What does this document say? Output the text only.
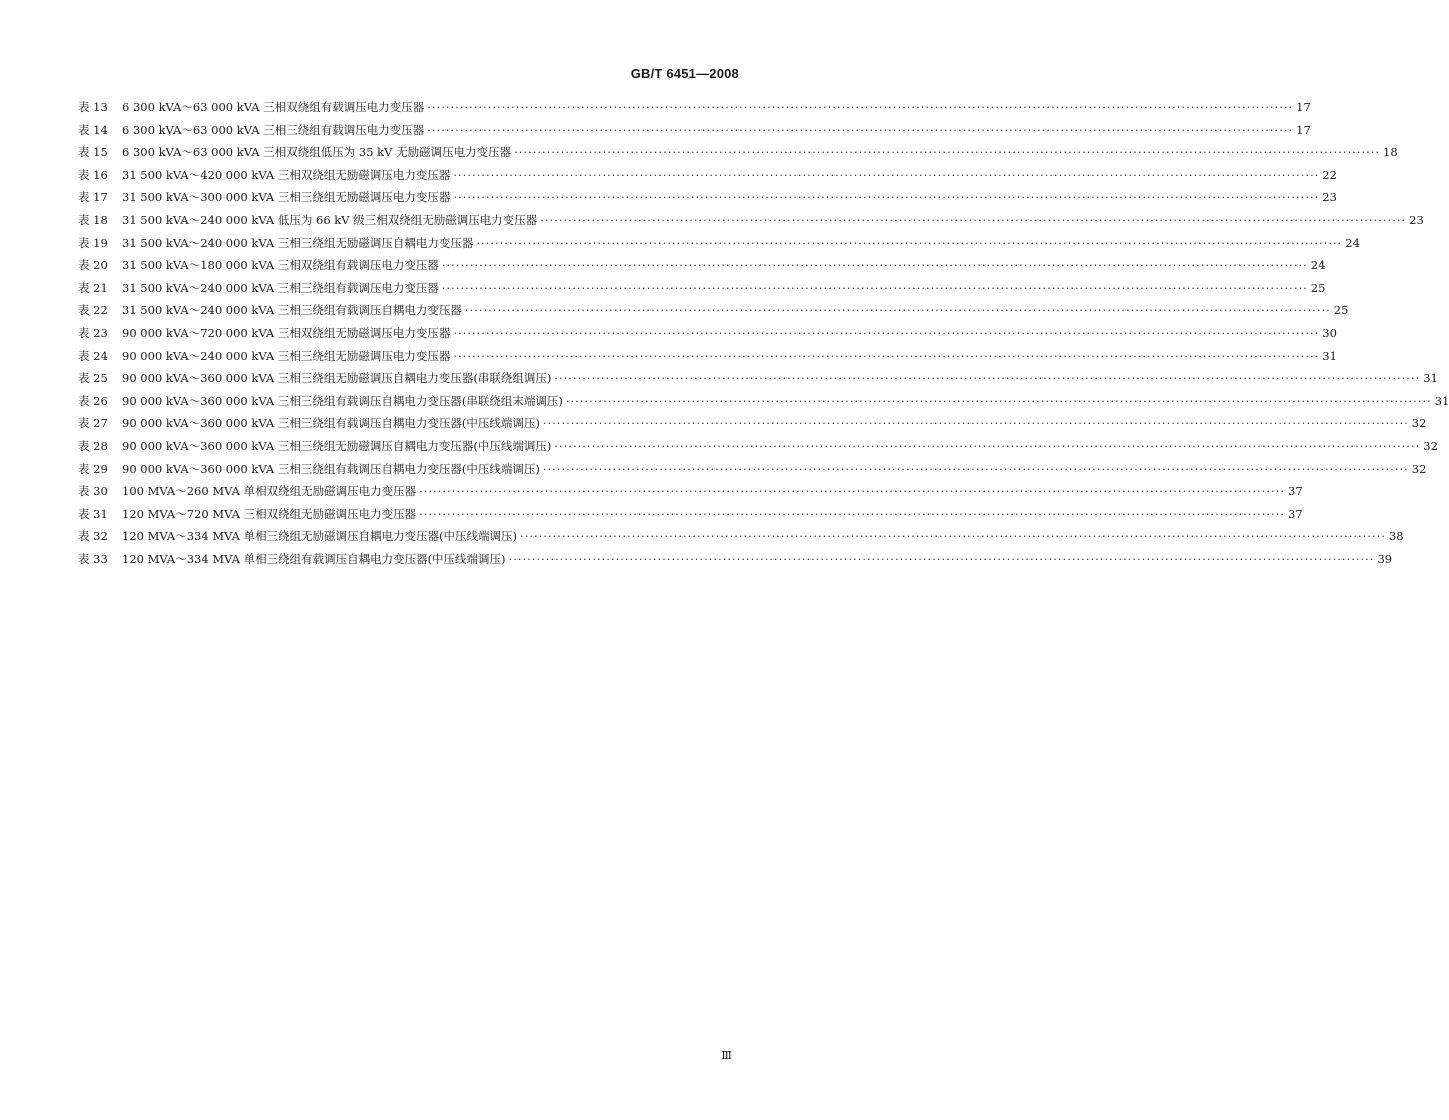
GB/T 6451—2008
表 13	6 300 kVA～63 000 kVA 三相双绕组有载调压电力变压器 ·····	17
表 14	6 300 kVA～63 000 kVA 三相三绕组有载调压电力变压器 ·····	17
表 15	6 300 kVA～63 000 kVA 三相双绕组低压为 35 kV 无励磁调压电力变压器 ·····	18
表 16	31 500 kVA～420 000 kVA 三相双绕组无励磁调压电力变压器 ·····	22
表 17	31 500 kVA～300 000 kVA 三相三绕组无励磁调压电力变压器 ·····	23
表 18	31 500 kVA～240 000 kVA 低压为 66 kV 级三相双绕组无励磁调压电力变压器 ·····	23
表 19	31 500 kVA～240 000 kVA 三相三绕组无励磁调压自耦电力变压器 ·····	24
表 20	31 500 kVA～180 000 kVA 三相双绕组有载调压电力变压器 ·····	24
表 21	31 500 kVA～240 000 kVA 三相三绕组有载调压电力变压器 ·····	25
表 22	31 500 kVA～240 000 kVA 三相三绕组有载调压自耦电力变压器 ·····	25
表 23	90 000 kVA～720 000 kVA 三相双绕组无励磁调压电力变压器 ·····	30
表 24	90 000 kVA～240 000 kVA 三相三绕组无励磁调压电力变压器 ·····	31
表 25	90 000 kVA～360 000 kVA 三相三绕组无励磁调压自耦电力变压器(串联绕组调压) ·····	31
表 26	90 000 kVA～360 000 kVA 三相三绕组有载调压自耦电力变压器(串联绕组末端调压) ·····	31
表 27	90 000 kVA～360 000 kVA 三相三绕组有载调压自耦电力变压器(中压线端调压) ·····	32
表 28	90 000 kVA～360 000 kVA 三相三绕组无励磁调压自耦电力变压器(中压线端调压) ·····	32
表 29	90 000 kVA～360 000 kVA 三相三绕组有载调压自耦电力变压器(中压线端调压) ·····	32
表 30	100 MVA～260 MVA 单相双绕组无励磁调压电力变压器 ·····	37
表 31	120 MVA～720 MVA 三相双绕组无励磁调压电力变压器 ·····	37
表 32	120 MVA～334 MVA 单相三绕组无励磁调压自耦电力变压器(中压线端调压) ·····	38
表 33	120 MVA～334 MVA 单相三绕组有载调压自耦电力变压器(中压线端调压) ·····	39
Ⅲ
